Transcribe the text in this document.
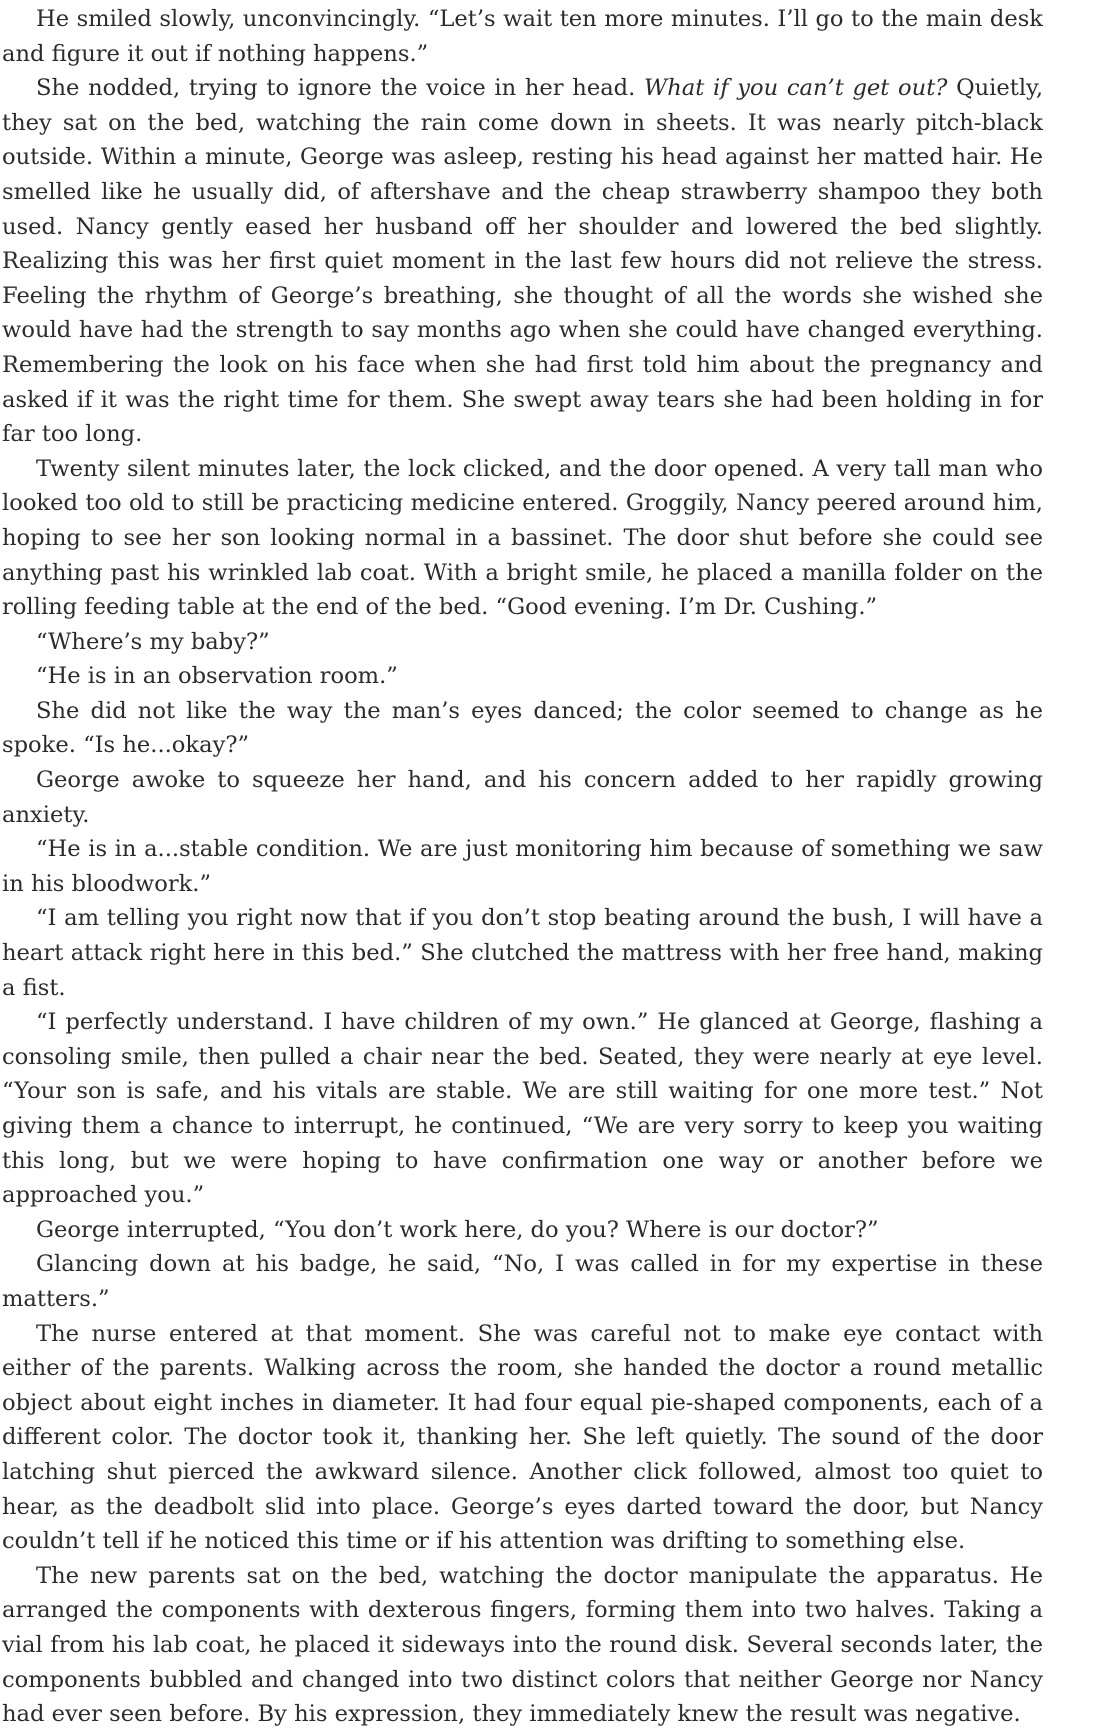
He smiled slowly, unconvincingly. “Let’s wait ten more minutes. I’ll go to the main desk and figure it out if nothing happens.”

She nodded, trying to ignore the voice in her head. What if you can’t get out? Quietly, they sat on the bed, watching the rain come down in sheets. It was nearly pitch-black outside. Within a minute, George was asleep, resting his head against her matted hair. He smelled like he usually did, of aftershave and the cheap strawberry shampoo they both used. Nancy gently eased her husband off her shoulder and lowered the bed slightly. Realizing this was her first quiet moment in the last few hours did not relieve the stress. Feeling the rhythm of George’s breathing, she thought of all the words she wished she would have had the strength to say months ago when she could have changed everything. Remembering the look on his face when she had first told him about the pregnancy and asked if it was the right time for them. She swept away tears she had been holding in for far too long.

Twenty silent minutes later, the lock clicked, and the door opened. A very tall man who looked too old to still be practicing medicine entered. Groggily, Nancy peered around him, hoping to see her son looking normal in a bassinet. The door shut before she could see anything past his wrinkled lab coat. With a bright smile, he placed a manilla folder on the rolling feeding table at the end of the bed. “Good evening. I’m Dr. Cushing.”

“Where’s my baby?”

“He is in an observation room.”

She did not like the way the man’s eyes danced; the color seemed to change as he spoke. “Is he...okay?”

George awoke to squeeze her hand, and his concern added to her rapidly growing anxiety.

“He is in a...stable condition. We are just monitoring him because of something we saw in his bloodwork.”

“I am telling you right now that if you don’t stop beating around the bush, I will have a heart attack right here in this bed.” She clutched the mattress with her free hand, making a fist.

“I perfectly understand. I have children of my own.” He glanced at George, flashing a consoling smile, then pulled a chair near the bed. Seated, they were nearly at eye level. “Your son is safe, and his vitals are stable. We are still waiting for one more test.” Not giving them a chance to interrupt, he continued, “We are very sorry to keep you waiting this long, but we were hoping to have confirmation one way or another before we approached you.”

George interrupted, “You don’t work here, do you? Where is our doctor?”

Glancing down at his badge, he said, “No, I was called in for my expertise in these matters.”

The nurse entered at that moment. She was careful not to make eye contact with either of the parents. Walking across the room, she handed the doctor a round metallic object about eight inches in diameter. It had four equal pie-shaped components, each of a different color. The doctor took it, thanking her. She left quietly. The sound of the door latching shut pierced the awkward silence. Another click followed, almost too quiet to hear, as the deadbolt slid into place. George’s eyes darted toward the door, but Nancy couldn’t tell if he noticed this time or if his attention was drifting to something else.

The new parents sat on the bed, watching the doctor manipulate the apparatus. He arranged the components with dexterous fingers, forming them into two halves. Taking a vial from his lab coat, he placed it sideways into the round disk. Several seconds later, the components bubbled and changed into two distinct colors that neither George nor Nancy had ever seen before. By his expression, they immediately knew the result was negative.
